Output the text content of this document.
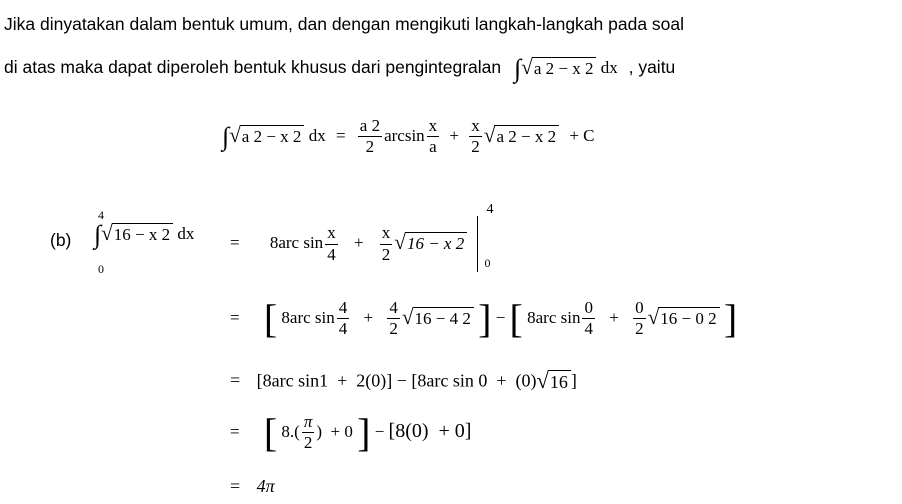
Jika dinyatakan dalam bentuk umum, dan dengan mengikuti langkah-langkah pada soal
di atas maka dapat diperoleh bentuk khusus dari pengintegralan ∫ √ a 2 − x 2 dx , yaitu
∫ √ a 2 − x 2 dx = $\frac{a 2}{2}$ $\arcsin \frac{x}{a} + \frac{x}{2}$ √ a 2 − x 2 + C
(b)
4
0
∫ √ 16 − x 2 dx = 8arc $\sin \frac{x}{4} + \frac{x}{2}$ √ 16 − x 2

4
0
= [ 8arc $\sin \frac{4}{4} + \frac{4}{2}$ √ 16 − 4 2 ] − [ 8arc $\sin \frac{0}{4} + \frac{0}{2}$ √ 16 − 0 2 ]
= [8arc sin1  +  2(0)] − [8arc sin 0  +  (0) √ 16 ]
= [ $8.( \frac{\pi}{2}$ )  + 0 ] − [8(0)  + 0]
= 4π
